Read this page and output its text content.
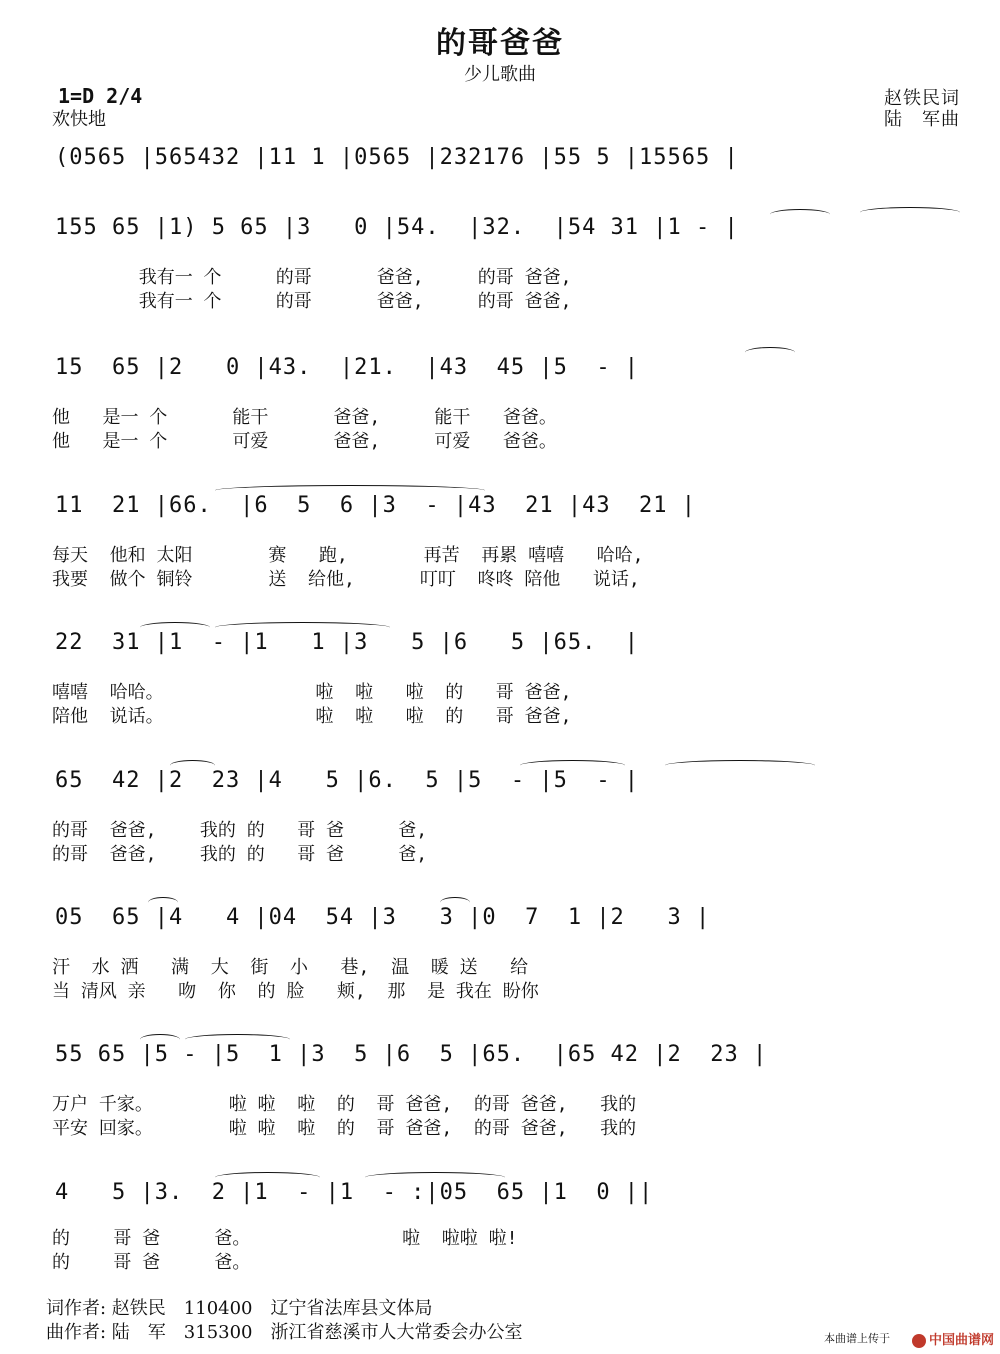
的哥爸爸
少儿歌曲
1=D 2/4
欢快地
赵铁民词
陆　军曲
(0565 |565432 |11 1 |0565 |232176 |55 5 |15565 |
155 65 |1) 5 65 |3   0 |54.  |32.  |54 31 |1 - |
我有一 个     的哥      爸爸,     的哥 爸爸,
我有一 个     的哥      爸爸,     的哥 爸爸,
15  65 |2   0 |43.  |21.  |43  45 |5  - |
他   是一 个      能干      爸爸,     能干   爸爸。
他   是一 个      可爱      爸爸,     可爱   爸爸。
11  21 |66.  |6  5  6 |3  - |43  21 |43  21 |
每天  他和 太阳       赛   跑,       再苦  再累 嘻嘻   哈哈,
我要  做个 铜铃       送  给他,      叮叮  咚咚 陪他   说话,
22  31 |1  - |1   1 |3   5 |6   5 |65.  |
嘻嘻  哈哈。              啦  啦   啦  的   哥 爸爸,
陪他  说话。              啦  啦   啦  的   哥 爸爸,
65  42 |2  23 |4   5 |6.  5 |5  - |5  - |
的哥  爸爸,    我的 的   哥 爸     爸,
的哥  爸爸,    我的 的   哥 爸     爸,
05  65 |4   4 |04  54 |3   3 |0  7  1 |2   3 |
汗  水 洒   满  大  街  小   巷,  温  暖 送   给
当 清风 亲   吻  你  的 脸   颊,  那  是 我在 盼你
55 65 |5 - |5  1 |3  5 |6  5 |65.  |65 42 |2  23 |
万户 千家。       啦 啦  啦  的  哥 爸爸,  的哥 爸爸,   我的
平安 回家。       啦 啦  啦  的  哥 爸爸,  的哥 爸爸,   我的
4   5 |3.  2 |1  - |1  - :|05  65 |1  0 ||
的    哥 爸     爸。              啦  啦啦 啦!
的    哥 爸     爸。
词作者: 赵铁民　110400　辽宁省法库县文体局
曲作者: 陆　军　315300　浙江省慈溪市人大常委会办公室	本曲谱上传于	中国曲谱网
